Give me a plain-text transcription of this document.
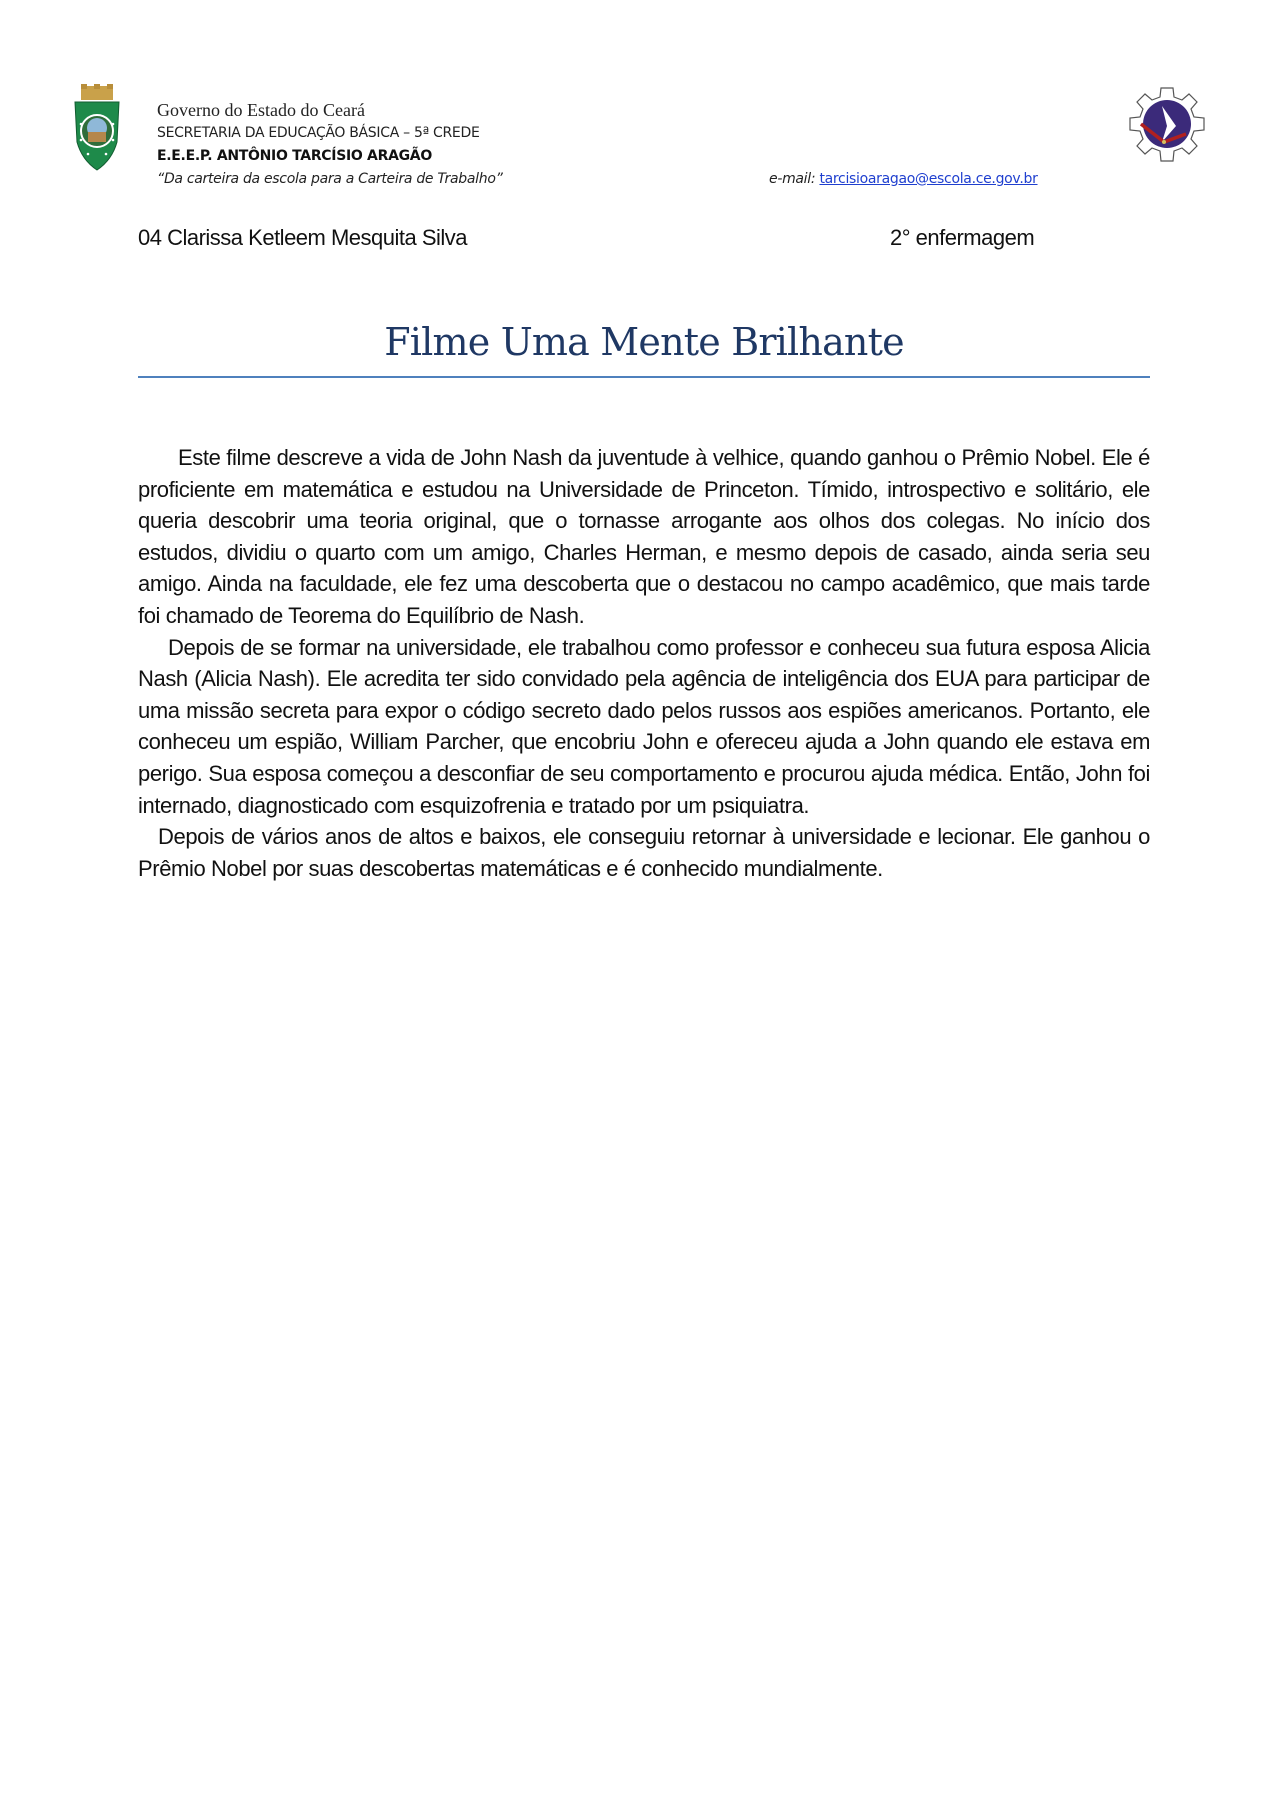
Governo do Estado do Ceará
SECRETARIA DA EDUCAÇÃO BÁSICA – 5ª CREDE
E.E.E.P. ANTÔNIO TARCÍSIO ARAGÃO
“Da carteira da escola para a Carteira de Trabalho”	e-mail: tarcisioaragao@escola.ce.gov.br
04 Clarissa Ketleem Mesquita Silva	2° enfermagem
Filme Uma Mente Brilhante

Este filme descreve a vida de John Nash da juventude à velhice, quando ganhou o Prêmio Nobel. Ele é proficiente em matemática e estudou na Universidade de Princeton. Tímido, introspectivo e solitário, ele queria descobrir uma teoria original, que o tornasse arrogante aos olhos dos colegas. No início dos estudos, dividiu o quarto com um amigo, Charles Herman, e mesmo depois de casado, ainda seria seu amigo. Ainda na faculdade, ele fez uma descoberta que o destacou no campo acadêmico, que mais tarde foi chamado de Teorema do Equilíbrio de Nash.

Depois de se formar na universidade, ele trabalhou como professor e conheceu sua futura esposa Alicia Nash (Alicia Nash). Ele acredita ter sido convidado pela agência de inteligência dos EUA para participar de uma missão secreta para expor o código secreto dado pelos russos aos espiões americanos. Portanto, ele conheceu um espião, William Parcher, que encobriu John e ofereceu ajuda a John quando ele estava em perigo. Sua esposa começou a desconfiar de seu comportamento e procurou ajuda médica. Então, John foi internado, diagnosticado com esquizofrenia e tratado por um psiquiatra.

Depois de vários anos de altos e baixos, ele conseguiu retornar à universidade e lecionar. Ele ganhou o Prêmio Nobel por suas descobertas matemáticas e é conhecido mundialmente.
